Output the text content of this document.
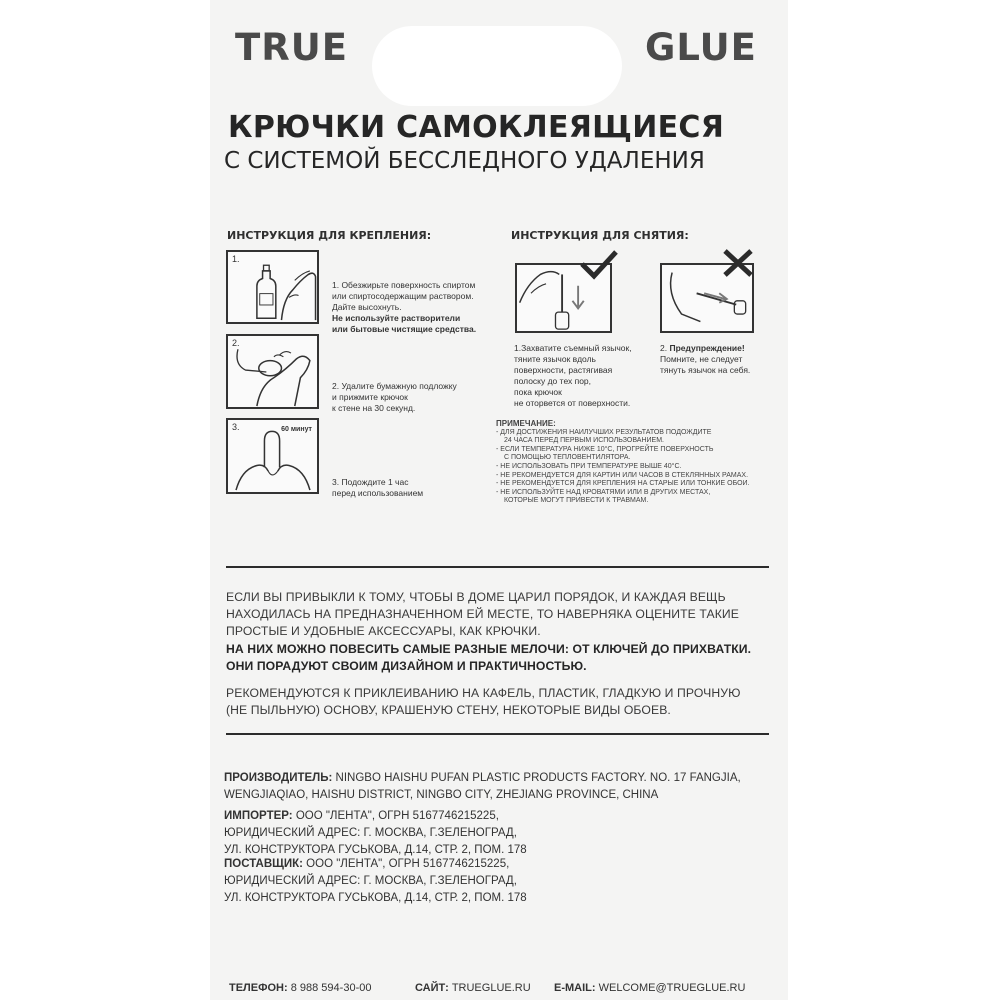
TRUE	GLUE
КРЮЧКИ САМОКЛЕЯЩИЕСЯ
С СИСТЕМОЙ БЕССЛЕДНОГО УДАЛЕНИЯ
ИНСТРУКЦИЯ ДЛЯ КРЕПЛЕНИЯ:
1.
1. Обезжирьте поверхность спиртом
или спиртосодержащим раствором.
Дайте высохнуть.
Не используйте растворители
или бытовые чистящие средства.
2.
2. Удалите бумажную подложку
и прижмите крючок
к стене на 30 секунд.
3.	60 минут
3. Подождите 1 час
перед использованием
ИНСТРУКЦИЯ ДЛЯ СНЯТИЯ:
1.Захватите съемный язычок,
тяните язычок вдоль
поверхности, растягивая
полоску до тех пор,
пока крючок
не оторвется от поверхности.
2. Предупреждение!
Помните, не следует
тянуть язычок на себя.
ПРИМЕЧАНИЕ:
- ДЛЯ ДОСТИЖЕНИЯ НАИЛУЧШИХ РЕЗУЛЬТАТОВ ПОДОЖДИТЕ
24 ЧАСА ПЕРЕД ПЕРВЫМ ИСПОЛЬЗОВАНИЕМ.
- ЕСЛИ ТЕМПЕРАТУРА НИЖЕ 10°C, ПРОГРЕЙТЕ ПОВЕРХНОСТЬ
С ПОМОЩЬЮ ТЕПЛОВЕНТИЛЯТОРА.
- НЕ ИСПОЛЬЗОВАТЬ ПРИ ТЕМПЕРАТУРЕ ВЫШЕ 40°C.
- НЕ РЕКОМЕНДУЕТСЯ ДЛЯ КАРТИН ИЛИ ЧАСОВ В СТЕКЛЯННЫХ РАМАХ.
- НЕ РЕКОМЕНДУЕТСЯ ДЛЯ КРЕПЛЕНИЯ НА СТАРЫЕ ИЛИ ТОНКИЕ ОБОИ.
- НЕ ИСПОЛЬЗУЙТЕ НАД КРОВАТЯМИ ИЛИ В ДРУГИХ МЕСТАХ,
КОТОРЫЕ МОГУТ ПРИВЕСТИ К ТРАВМАМ.
ЕСЛИ ВЫ ПРИВЫКЛИ К ТОМУ, ЧТОБЫ В ДОМЕ ЦАРИЛ ПОРЯДОК, И КАЖДАЯ ВЕЩЬ
НАХОДИЛАСЬ НА ПРЕДНАЗНАЧЕННОМ ЕЙ МЕСТЕ, ТО НАВЕРНЯКА ОЦЕНИТЕ ТАКИЕ
ПРОСТЫЕ И УДОБНЫЕ АКСЕССУАРЫ, КАК КРЮЧКИ.
НА НИХ МОЖНО ПОВЕСИТЬ САМЫЕ РАЗНЫЕ МЕЛОЧИ: ОТ КЛЮЧЕЙ ДО ПРИХВАТКИ.
ОНИ ПОРАДУЮТ СВОИМ ДИЗАЙНОМ И ПРАКТИЧНОСТЬЮ.
РЕКОМЕНДУЮТСЯ К ПРИКЛЕИВАНИЮ НА КАФЕЛЬ, ПЛАСТИК, ГЛАДКУЮ И ПРОЧНУЮ
(НЕ ПЫЛЬНУЮ) ОСНОВУ, КРАШЕНУЮ СТЕНУ, НЕКОТОРЫЕ ВИДЫ ОБОЕВ.
ПРОИЗВОДИТЕЛЬ: NINGBO HAISHU PUFAN PLASTIC PRODUCTS FACTORY. NO. 17 FANGJIA,
WENGJIAQIAO, HAISHU DISTRICT, NINGBO CITY, ZHEJIANG PROVINCE, CHINA
ИМПОРТЕР: ООО "ЛЕНТА", ОГРН 5167746215225,
ЮРИДИЧЕСКИЙ АДРЕС: Г. МОСКВА, Г.ЗЕЛЕНОГРАД,
УЛ. КОНСТРУКТОРА ГУСЬКОВА, Д.14, СТР. 2, ПОМ. 178
ПОСТАВЩИК: ООО "ЛЕНТА", ОГРН 5167746215225,
ЮРИДИЧЕСКИЙ АДРЕС: Г. МОСКВА, Г.ЗЕЛЕНОГРАД,
УЛ. КОНСТРУКТОРА ГУСЬКОВА, Д.14, СТР. 2, ПОМ. 178
ТЕЛЕФОН: 8 988 594-30-00	САЙТ: TRUEGLUE.RU E-MAIL: WELCOME@TRUEGLUE.RU
